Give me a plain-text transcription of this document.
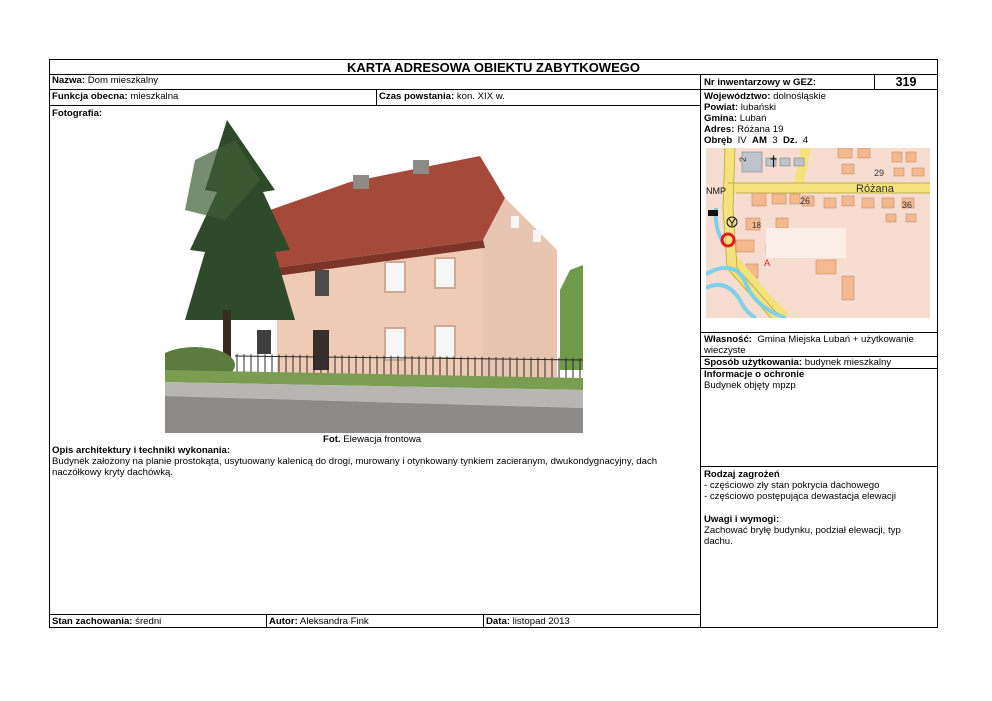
KARTA ADRESOWA OBIEKTU ZABYTKOWEGO
Nazwa: Dom mieszkalny
Funkcja obecna: mieszkalna	Czas powstania: kon. XIX w.
Fotografia:
Fot. Elewacja frontowa
Opis architektury i techniki wykonania:
Budynek założony na planie prostokąta, usytuowany kalenicą do drogi, murowany i otynkowany tynkiem zacieranym, dwukondygnacyjny, dach naczółkowy kryty dachówką.
Stan zachowania: średni	Autor: Aleksandra Fink	Data: listopad 2013
Nr inwentarzowy w GEZ:	319
Województwo: dolnośląskie
Powiat: lubański
Gmina: Lubań
Adres: Różana 19
Obręb IV AM 3 Dz. 4
†
Różana
NMP
29
26	36
2
18
A
Własność: Gmina Miejska Lubań + użytkowanie wieczyste
Sposób użytkowania: budynek mieszkalny
Informacje o ochronie
Budynek objęty mpzp
Rodzaj zagrożeń
- częściowo zły stan pokrycia dachowego
- częściowo postępująca dewastacja elewacji
Uwagi i wymogi:
Zachować bryłę budynku, podział elewacji, typ dachu.
